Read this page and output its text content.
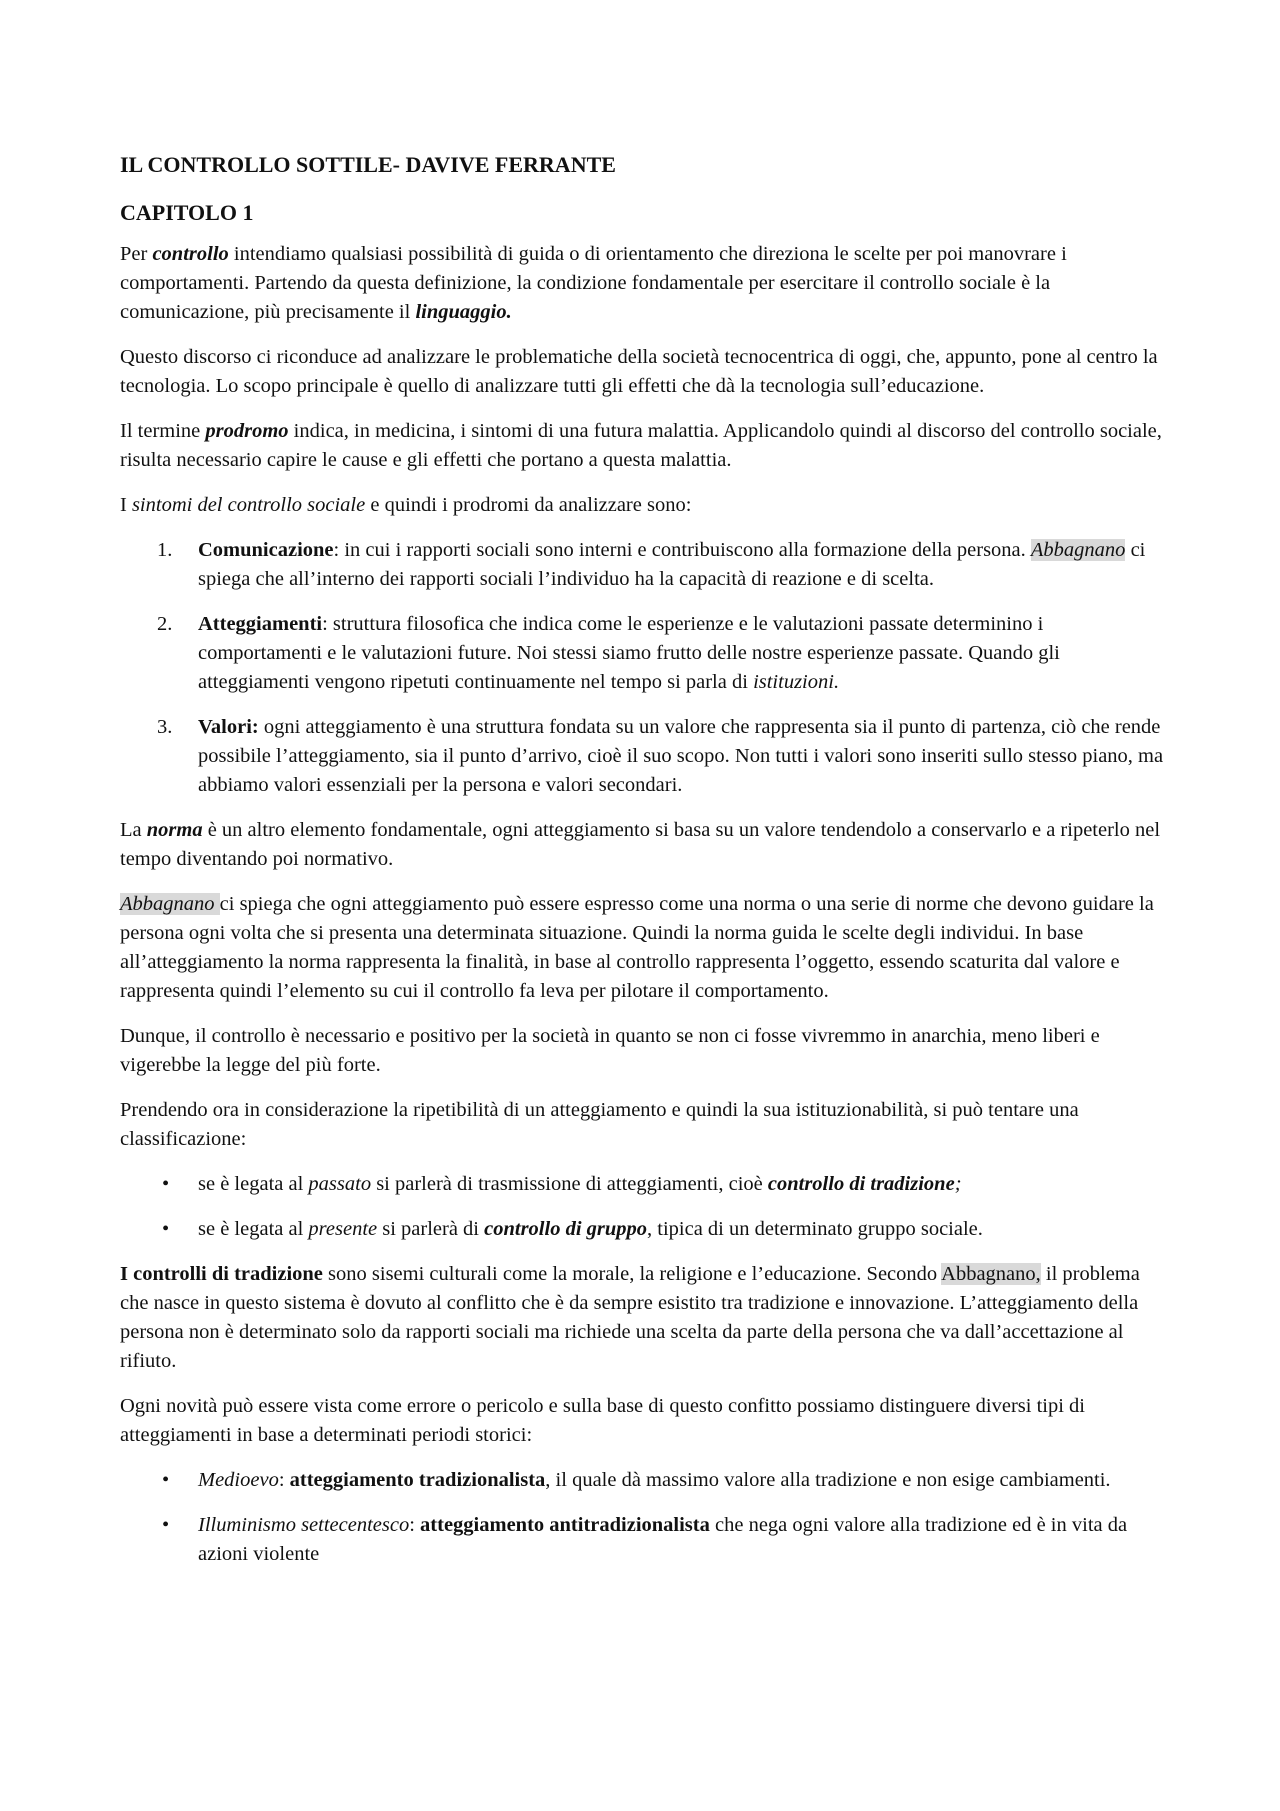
IL CONTROLLO SOTTILE- DAVIVE FERRANTE
CAPITOLO 1

Per controllo intendiamo qualsiasi possibilità di guida o di orientamento che direziona le scelte per poi manovrare i comportamenti. Partendo da questa definizione, la condizione fondamentale per esercitare il controllo sociale è la comunicazione, più precisamente il linguaggio.

Questo discorso ci riconduce ad analizzare le problematiche della società tecnocentrica di oggi, che, appunto, pone al centro la tecnologia. Lo scopo principale è quello di analizzare tutti gli effetti che dà la tecnologia sull’educazione.

Il termine prodromo indica, in medicina, i sintomi di una futura malattia. Applicandolo quindi al discorso del controllo sociale, risulta necessario capire le cause e gli effetti che portano a questa malattia.

I sintomi del controllo sociale e quindi i prodromi da analizzare sono:

1. Comunicazione: in cui i rapporti sociali sono interni e contribuiscono alla formazione della persona. Abbagnano ci spiega che all’interno dei rapporti sociali l’individuo ha la capacità di reazione e di scelta.
2. Atteggiamenti: struttura filosofica che indica come le esperienze e le valutazioni passate determinino i comportamenti e le valutazioni future. Noi stessi siamo frutto delle nostre esperienze passate. Quando gli atteggiamenti vengono ripetuti continuamente nel tempo si parla di istituzioni.
3. Valori: ogni atteggiamento è una struttura fondata su un valore che rappresenta sia il punto di partenza, ciò che rende possibile l’atteggiamento, sia il punto d’arrivo, cioè il suo scopo. Non tutti i valori sono inseriti sullo stesso piano, ma abbiamo valori essenziali per la persona e valori secondari.

La norma è un altro elemento fondamentale, ogni atteggiamento si basa su un valore tendendolo a conservarlo e a ripeterlo nel tempo diventando poi normativo.

Abbagnano ci spiega che ogni atteggiamento può essere espresso come una norma o una serie di norme che devono guidare la persona ogni volta che si presenta una determinata situazione. Quindi la norma guida le scelte degli individui. In base all’atteggiamento la norma rappresenta la finalità, in base al controllo rappresenta l’oggetto, essendo scaturita dal valore e rappresenta quindi l’elemento su cui il controllo fa leva per pilotare il comportamento.

Dunque, il controllo è necessario e positivo per la società in quanto se non ci fosse vivremmo in anarchia, meno liberi e vigerebbe la legge del più forte.

Prendendo ora in considerazione la ripetibilità di un atteggiamento e quindi la sua istituzionabilità, si può tentare una classificazione:

• se è legata al passato si parlerà di trasmissione di atteggiamenti, cioè controllo di tradizione;
• se è legata al presente si parlerà di controllo di gruppo, tipica di un determinato gruppo sociale.

I controlli di tradizione sono sisemi culturali come la morale, la religione e l’educazione. Secondo Abbagnano, il problema che nasce in questo sistema è dovuto al conflitto che è da sempre esistito tra tradizione e innovazione. L’atteggiamento della persona non è determinato solo da rapporti sociali ma richiede una scelta da parte della persona che va dall’accettazione al rifiuto.

Ogni novità può essere vista come errore o pericolo e sulla base di questo confitto possiamo distinguere diversi tipi di atteggiamenti in base a determinati periodi storici:

• Medioevo: atteggiamento tradizionalista, il quale dà massimo valore alla tradizione e non esige cambiamenti.
• Illuminismo settecentesco: atteggiamento antitradizionalista che nega ogni valore alla tradizione ed è in vita da azioni violente
